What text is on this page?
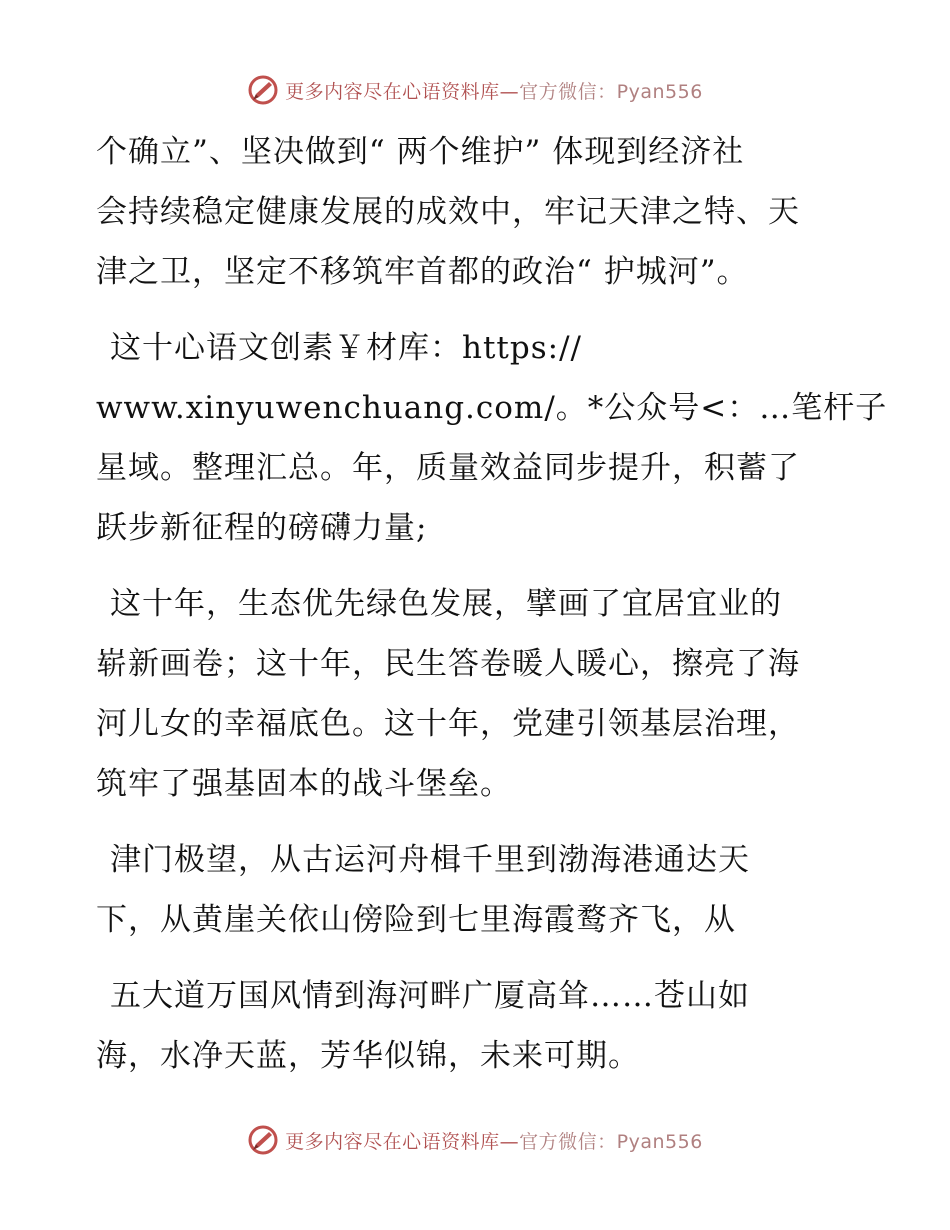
更多内容尽在心语资料库—官方微信：Pyan556

个确立”、坚决做到“ 两个维护” 体现到经济社
会持续稳定健康发展的成效中，牢记天津之特、天
津之卫，坚定不移筑牢首都的政治“ 护城河”。

这十心语文创素￥材库：https://
www.xinyuwenchuang.com/。*公众号<：…笔杆子
星域。整理汇总。年，质量效益同步提升，积蓄了
跃步新征程的磅礴力量;

这十年，生态优先绿色发展，擘画了宜居宜业的
崭新画卷；这十年，民生答卷暖人暖心，擦亮了海
河儿女的幸福底色。这十年，党建引领基层治理，
筑牢了强基固本的战斗堡垒。

津门极望，从古运河舟楫千里到渤海港通达天
下，从黄崖关依山傍险到七里海霞鹜齐飞，从

五大道万国风情到海河畔广厦高耸……苍山如
海，水净天蓝，芳华似锦，未来可期。

更多内容尽在心语资料库—官方微信：Pyan556
